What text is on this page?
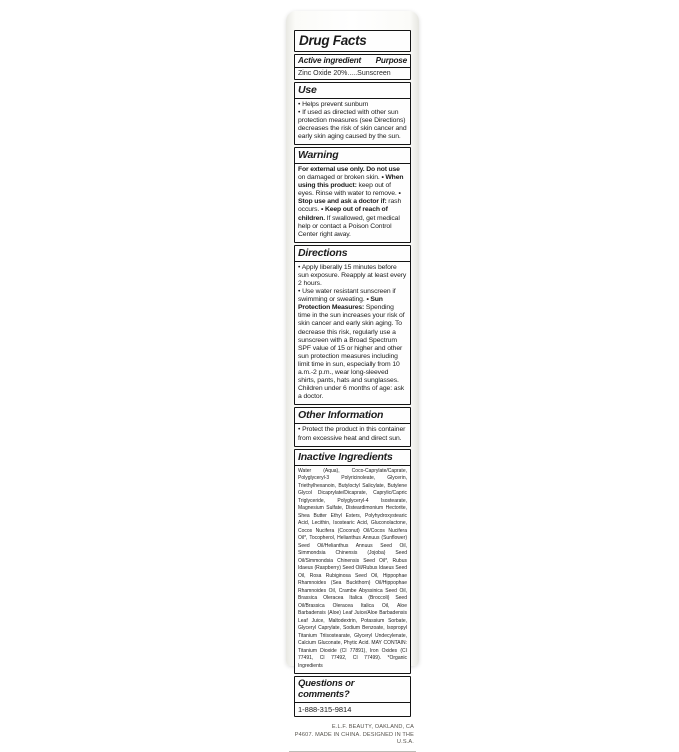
Drug Facts
Active ingredient Purpose
Zinc Oxide 20%.....Sunscreen
Use
• Helps prevent sunburn
• If used as directed with other sun protection measures (see Directions) decreases the risk of skin cancer and early skin aging caused by the sun.
Warning
For external use only. Do not use on damaged or broken skin. • When using this product: keep out of eyes. Rinse with water to remove. • Stop use and ask a doctor if: rash occurs. • Keep out of reach of children. If swallowed, get medical help or contact a Poison Control Center right away.
Directions
• Apply liberally 15 minutes before sun exposure. Reapply at least every 2 hours.
• Use water resistant sunscreen if swimming or sweating. • Sun Protection Measures: Spending time in the sun increases your risk of skin cancer and early skin aging. To decrease this risk, regularly use a sunscreen with a Broad Spectrum SPF value of 15 or higher and other sun protection measures including limit time in sun, especially from 10 a.m.-2 p.m., wear long-sleeved shirts, pants, hats and sunglasses. Children under 6 months of age: ask a doctor.
Other Information
• Protect the product in this container from excessive heat and direct sun.
Inactive Ingredients
Water (Aqua), Coco-Caprylate/Caprate, Polyglyceryl-3 Polyricinoleate, Glycerin, Triethylhexanoin, Butyloctyl Salicylate, Butylene Glycol Dicaprylate/Dicaprate, Caprylic/Capric Triglyceride, Polyglyceryl-4 Isostearate, Magnesium Sulfate, Disteardimonium Hectorite, Shea Butter Ethyl Esters, Polyhydroxystearic Acid, Lecithin, Isostearic Acid, Gluconolactone, Cocos Nucifera (Coconut) Oil/Cocos Nucifera Oil*, Tocopherol, Helianthus Annuus (Sunflower) Seed Oil/Helianthus Annuus Seed Oil, Simmondsia Chinensis (Jojoba) Seed Oil/Simmondsia Chinensis Seed Oil*, Rubus Idaeus (Raspberry) Seed Oil/Rubus Idaeus Seed Oil, Rosa Rubiginosa Seed Oil, Hippophae Rhamnoides (Sea Buckthorn) Oil/Hippophae Rhamnoides Oil, Crambe Abyssinica Seed Oil, Brassica Oleracea Italica (Broccoli) Seed Oil/Brassica Oleracea Italica Oil, Aloe Barbadensis (Aloe) Leaf Juice/Aloe Barbadensis Leaf Juice, Maltodextrin, Potassium Sorbate, Glyceryl Caprylate, Sodium Benzoate, Isopropyl Titanium Triisostearate, Glyceryl Undecylenate, Calcium Gluconate, Phytic Acid. MAY CONTAIN: Titanium Dioxide (CI 77891), Iron Oxides (CI 77491, CI 77492, CI 77499). *Organic Ingredients
Questions or comments?
1-888-315-9814
E.L.F. BEAUTY, OAKLAND, CA
P4607. MADE IN CHINA. DESIGNED IN THE U.S.A.
